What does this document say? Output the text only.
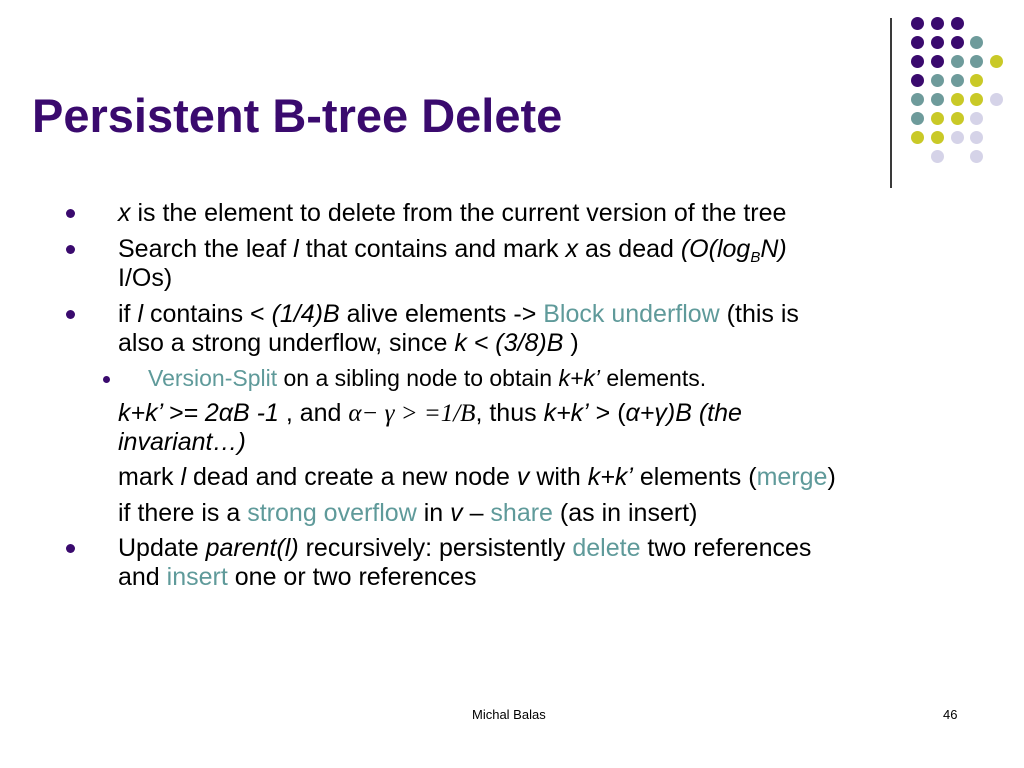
Persistent B-tree Delete
x is the element to delete from the current version of the tree
Search the leaf l that contains and mark x as dead ($O(\log_BN)$
I/Os)
if l contains < (1/4)B alive elements -> Block underflow (this is
also a strong underflow, since k < (3/8)B )
Version-Split on a sibling node to obtain k+k’ elements.
k+k’ >= 2αB -1 , and α− γ > =1/B, thus k+k’ > (α+γ)B (the
invariant…)
mark l dead and create a new node v with k+k’ elements (merge)
if there is a strong overflow in v – share (as in insert)
Update parent(l) recursively: persistently delete two references
and insert one or two references
Michal Balas	46
